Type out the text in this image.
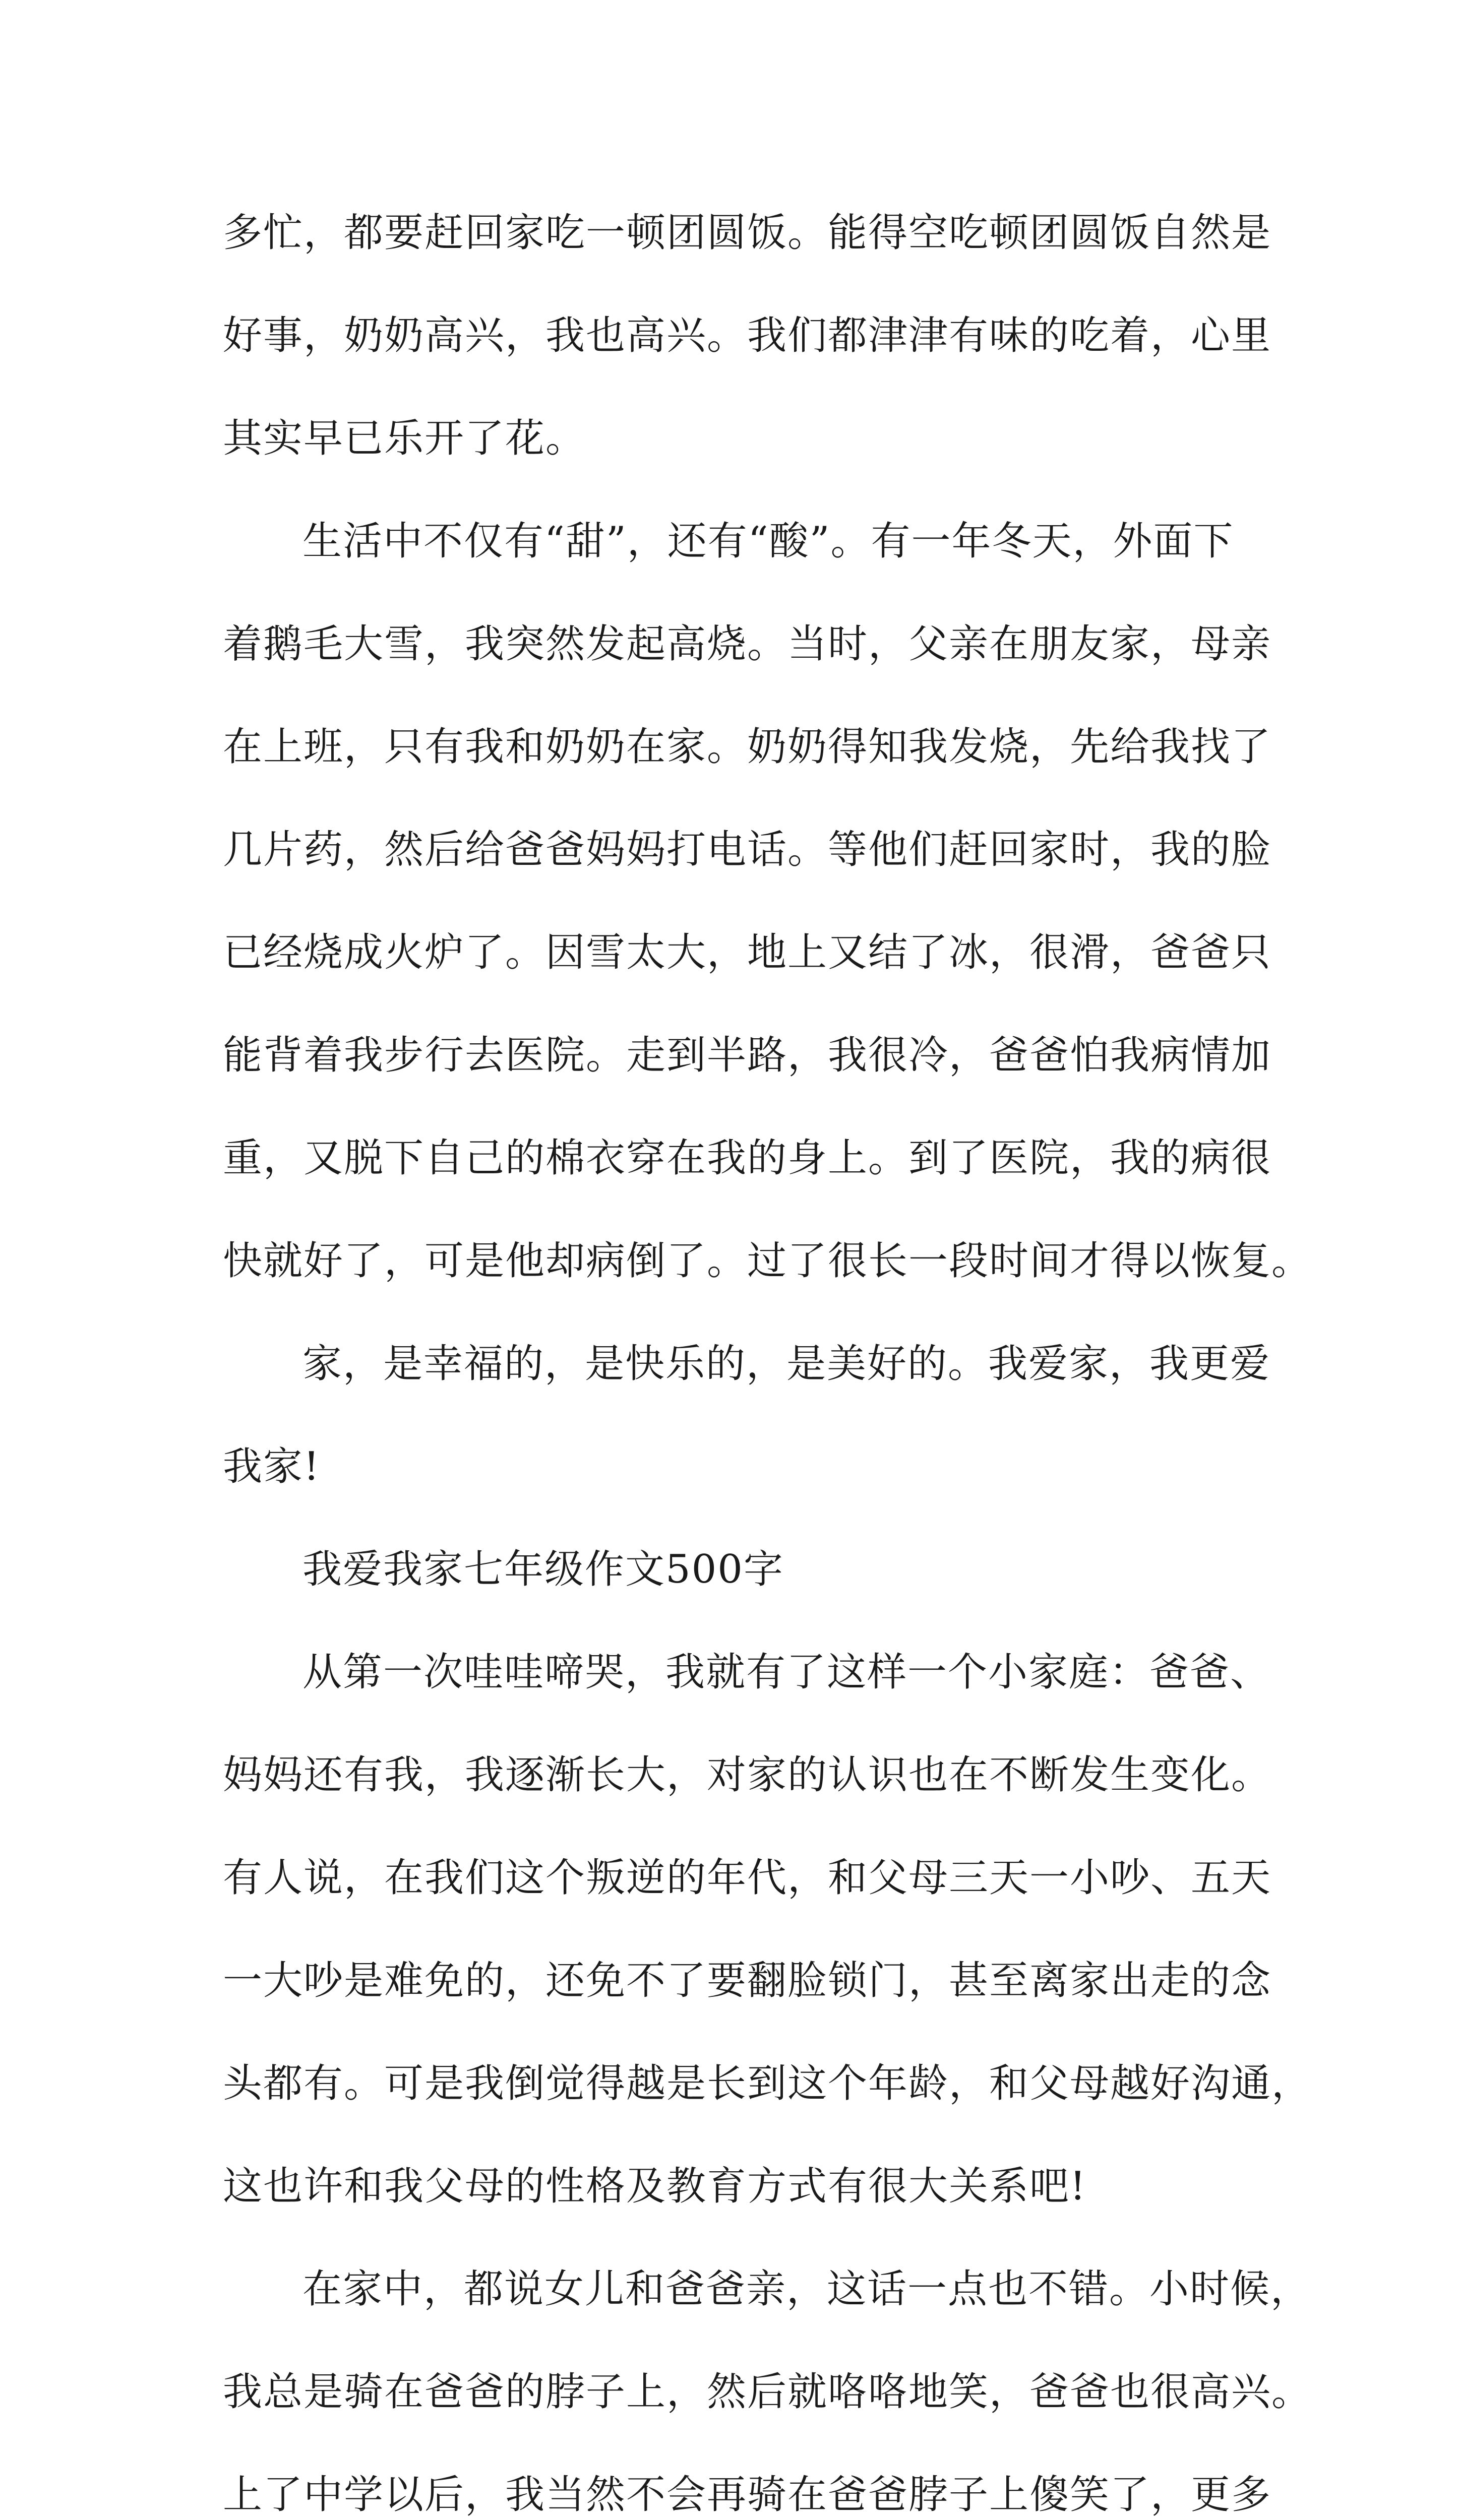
多忙，都要赶回家吃一顿团圆饭。能得空吃顿团圆饭自然是
好事，奶奶高兴，我也高兴。我们都津津有味的吃着，心里
其实早已乐开了花。
生活中不仅有“甜”，还有“酸”。有一年冬天，外面下
着鹅毛大雪，我突然发起高烧。当时，父亲在朋友家，母亲
在上班，只有我和奶奶在家。奶奶得知我发烧，先给我找了
几片药，然后给爸爸妈妈打电话。等他们赶回家时，我的脸
已经烧成火炉了。因雪太大，地上又结了冰，很滑，爸爸只
能背着我步行去医院。走到半路，我很冷，爸爸怕我病情加
重，又脱下自己的棉衣穿在我的身上。到了医院，我的病很
快就好了，可是他却病倒了。过了很长一段时间才得以恢复。
家，是幸福的，是快乐的，是美好的。我爱家，我更爱
我家!
我爱我家七年级作文500字
从第一次哇哇啼哭，我就有了这样一个小家庭：爸爸、
妈妈还有我，我逐渐长大，对家的认识也在不断发生变化。
有人说，在我们这个叛逆的年代，和父母三天一小吵、五天
一大吵是难免的，还免不了要翻脸锁门，甚至离家出走的念
头都有。可是我倒觉得越是长到这个年龄，和父母越好沟通，
这也许和我父母的性格及教育方式有很大关系吧!
在家中，都说女儿和爸爸亲，这话一点也不错。小时候，
我总是骑在爸爸的脖子上，然后就咯咯地笑，爸爸也很高兴。
上了中学以后，我当然不会再骑在爸爸脖子上傻笑了，更多
